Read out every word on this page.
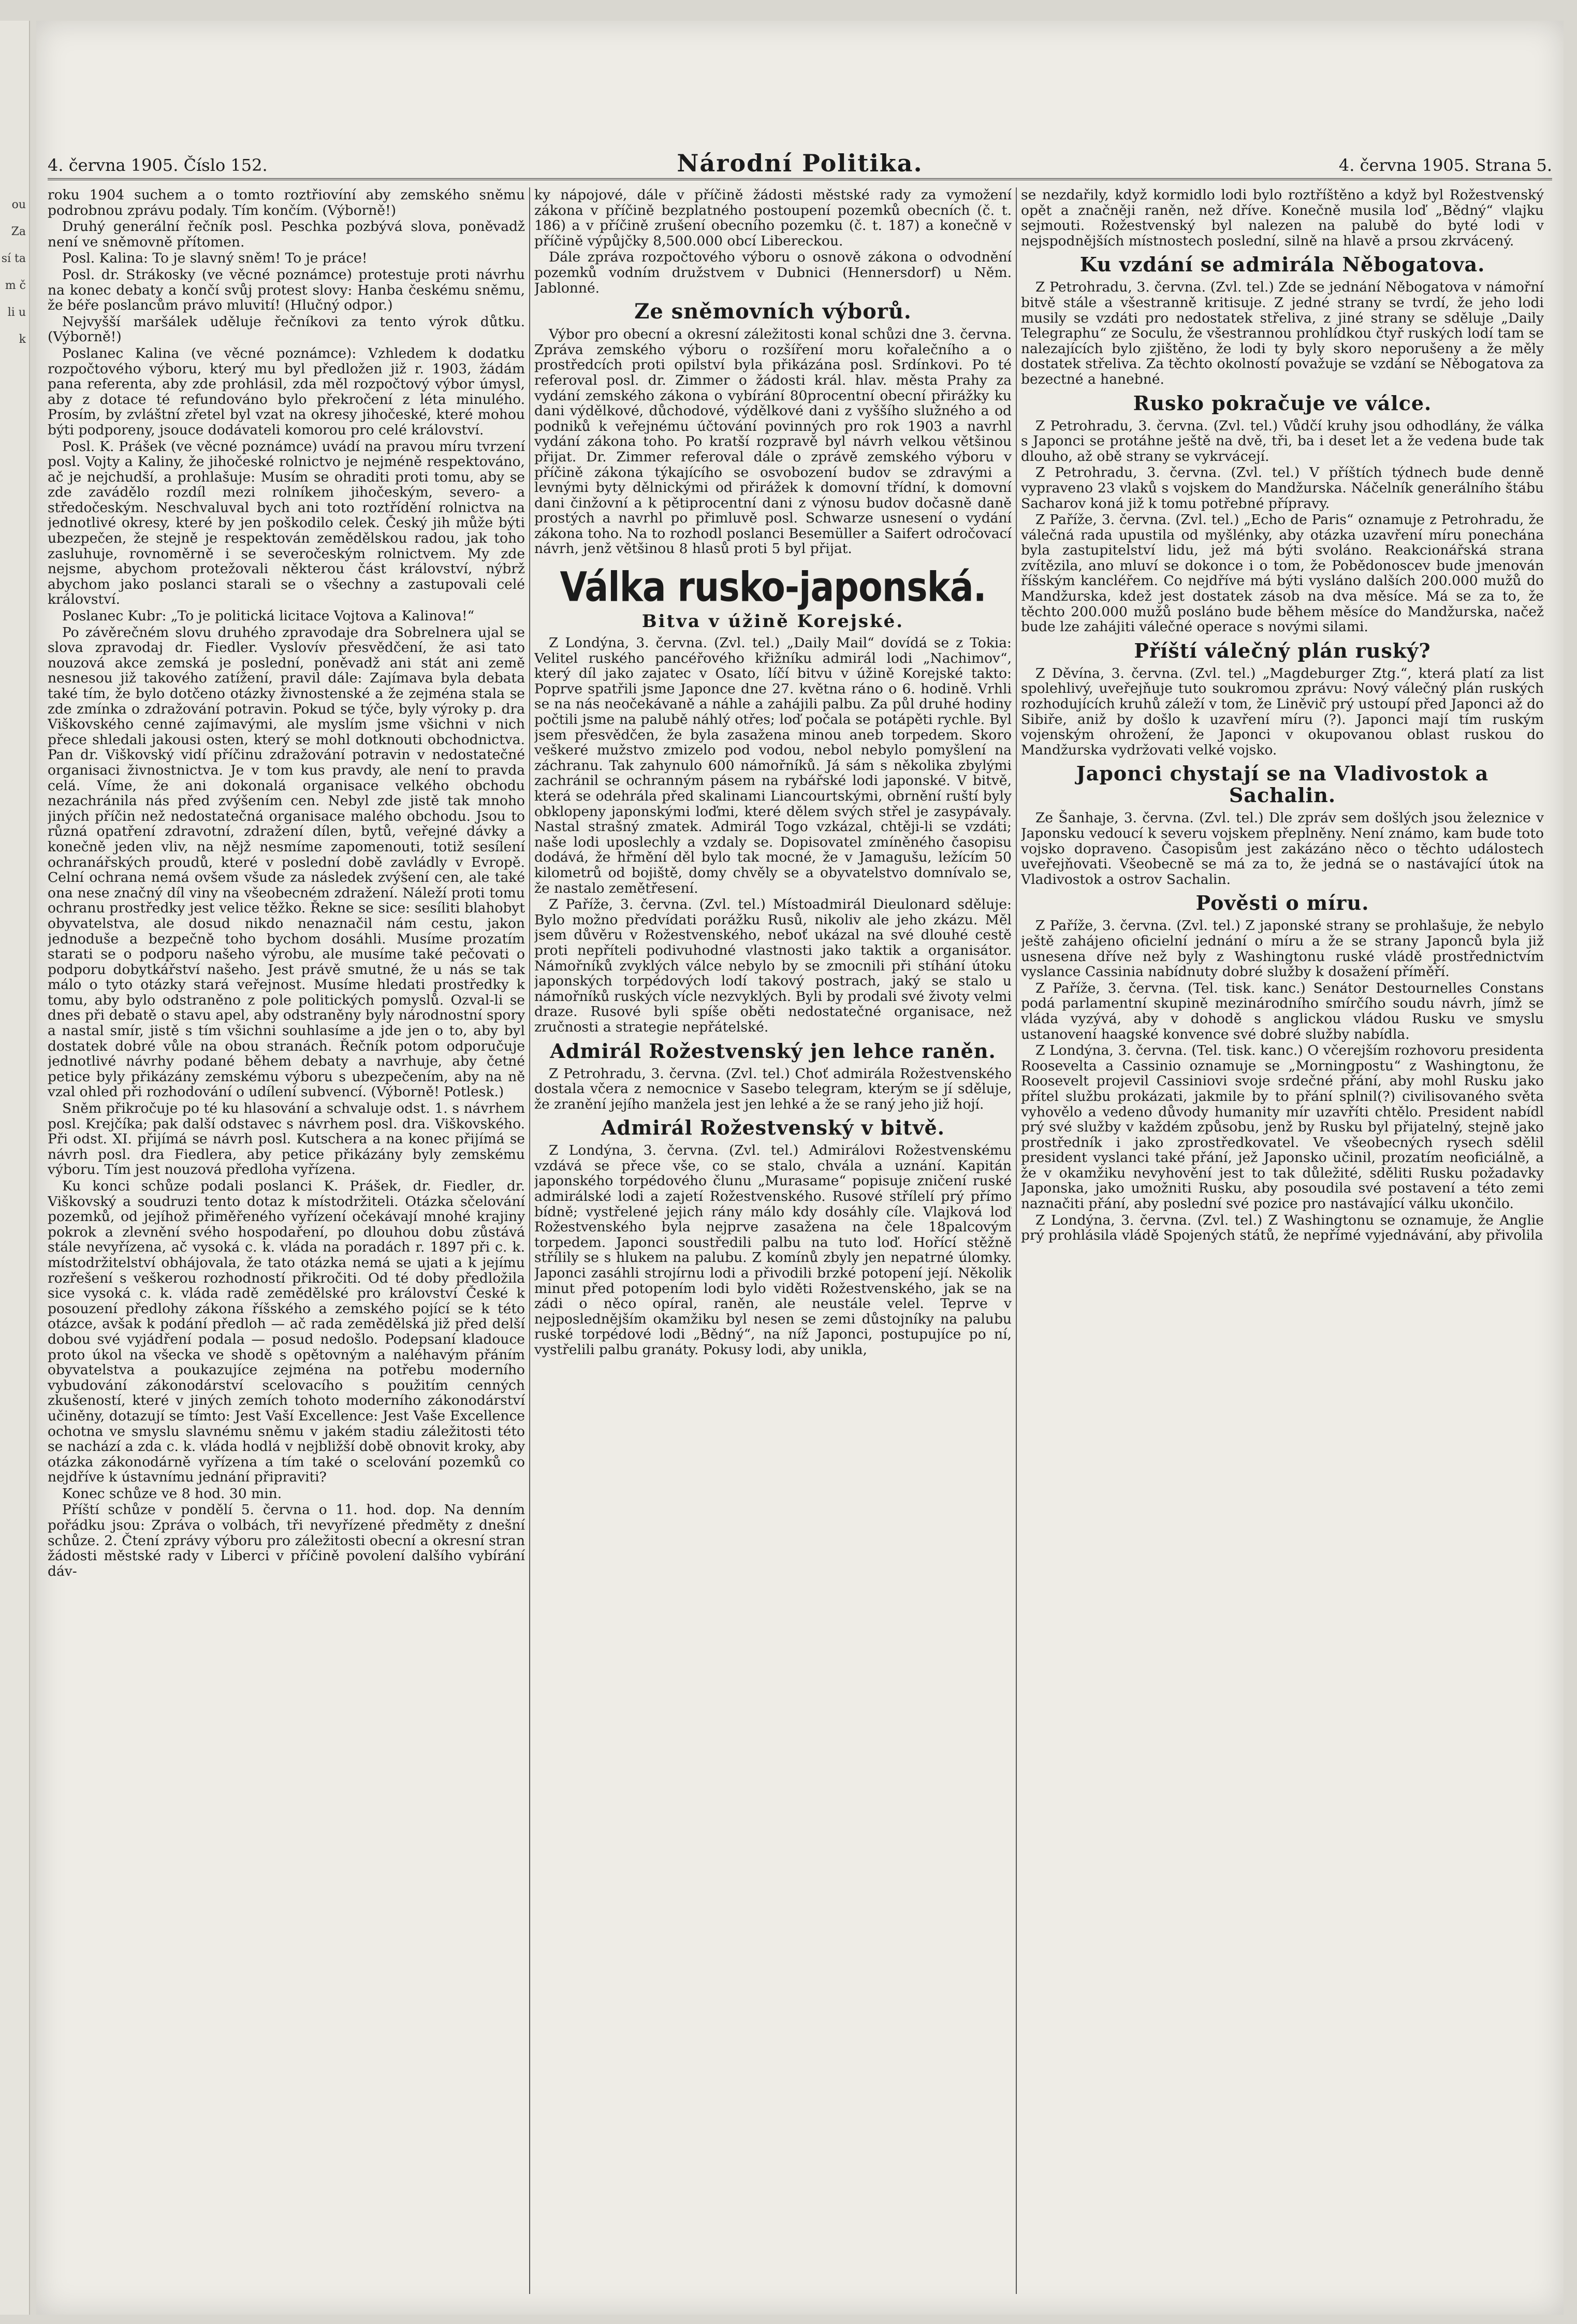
ou Za sí ta m č li u k
4. června 1905. Číslo 152.	Národní Politika.	4. června 1905. Strana 5.

roku 1904 suchem a o tomto roztřiovíní aby zemského sněmu podrobnou zprávu podaly. Tím končím. (Výborně!)

Druhý generální řečník posl. Peschka pozbývá slova, poněvadž není ve sněmovně přítomen.

Posl. Kalina: To je slavný sněm! To je práce!

Posl. dr. Strákosky (ve věcné poznámce) protestuje proti návrhu na konec debaty a končí svůj protest slovy: Hanba českému sněmu, že béře poslancům právo mluvití! (Hlučný odpor.)

Nejvyšší maršálek uděluje řečníkovi za tento výrok důtku. (Výborně!)

Poslanec Kalina (ve věcné poznámce): Vzhledem k dodatku rozpočtového výboru, který mu byl předložen již r. 1903, žádám pana referenta, aby zde prohlásil, zda měl rozpočtový výbor úmysl, aby z dotace té refundováno bylo překročení z léta minulého. Prosím, by zvláštní zřetel byl vzat na okresy jihočeské, které mohou býti podporeny, jsouce dodávateli komorou pro celé království.

Posl. K. Prášek (ve věcné poznámce) uvádí na pravou míru tvrzení posl. Vojty a Kaliny, že jihočeské rolnictvo je nejméně respektováno, ač je nejchudší, a prohlašuje: Musím se ohraditi proti tomu, aby se zde zavádělo rozdíl mezi rolníkem jihočeským, severo- a středočeským. Neschvaluval bych ani toto roztřídění rolnictva na jednotlivé okresy, které by jen poškodilo celek. Český jih může býti ubezpečen, že stejně je respektován zemědělskou radou, jak toho zasluhuje, rovnoměrně i se severočeským rolnictvem. My zde nejsme, abychom protežovali některou část království, nýbrž abychom jako poslanci starali se o všechny a zastupovali celé království.

Poslanec Kubr: „To je politická licitace Vojtova a Kalinova!“

Po závěrečném slovu druhého zpravodaje dra Sobrelnera ujal se slova zpravodaj dr. Fiedler. Vyslovív přesvědčení, že asi tato nouzová akce zemská je poslední, poněvadž ani stát ani země nesnesou již takového zatížení, pravil dále: Zajímava byla debata také tím, že bylo dotčeno otázky živnostenské a že zejména stala se zde zmínka o zdražování potravin. Pokud se týče, byly výroky p. dra Viškovského cenné zajímavými, ale myslím jsme všichni v nich přece shledali jakousi osten, který se mohl dotknouti obchodnictva. Pan dr. Viškovský vidí příčinu zdražování potravin v nedostatečné organisaci živnostnictva. Je v tom kus pravdy, ale není to pravda celá. Víme, že ani dokonalá organisace velkého obchodu nezachránila nás před zvýšením cen. Nebyl zde jistě tak mnoho jiných příčin než nedostatečná organisace malého obchodu. Jsou to různá opatření zdravotní, zdražení dílen, bytů, veřejné dávky a konečně jeden vliv, na nějž nesmíme zapomenouti, totiž sesílení ochranářských proudů, které v poslední době zavládly v Evropě. Celní ochrana nemá ovšem všude za následek zvýšení cen, ale také ona nese značný díl viny na všeobecném zdražení. Náleží proti tomu ochranu prostředky jest velice těžko. Řekne se sice: sesíliti blahobyt obyvatelstva, ale dosud nikdo nenaznačil nám cestu, jakon jednoduše a bezpečně toho bychom dosáhli. Musíme prozatím starati se o podporu našeho výrobu, ale musíme také pečovati o podporu dobytkářství našeho. Jest právě smutné, že u nás se tak málo o tyto otázky stará veřejnost. Musíme hledati prostředky k tomu, aby bylo odstraněno z pole politických pomyslů. Ozval-li se dnes při debatě o stavu apel, aby odstraněny byly národnostní spory a nastal smír, jistě s tím všichni souhlasíme a jde jen o to, aby byl dostatek dobré vůle na obou stranách. Řečník potom odporučuje jednotlivé návrhy podané během debaty a navrhuje, aby četné petice byly přikázány zemskému výboru s ubezpečením, aby na ně vzal ohled při rozhodování o udílení subvencí. (Výborně! Potlesk.)

Sněm přikročuje po té ku hlasování a schvaluje odst. 1. s návrhem posl. Krejčíka; pak další odstavec s návrhem posl. dra. Viškovského. Při odst. XI. přijímá se návrh posl. Kutschera a na konec přijímá se návrh posl. dra Fiedlera, aby petice přikázány byly zemskému výboru. Tím jest nouzová předloha vyřízena.

Ku konci schůze podali poslanci K. Prášek, dr. Fiedler, dr. Viškovský a soudruzi tento dotaz k místodržiteli. Otázka sčelování pozemků, od jejíhož přiměřeného vyřízení očekávají mnohé krajiny pokrok a zlevnění svého hospodaření, po dlouhou dobu zůstává stále nevyřízena, ač vysoká c. k. vláda na poradách r. 1897 při c. k. místodržitelství obhájovala, že tato otázka nemá se ujati a k jejímu rozřešení s veškerou rozhodností přikročiti. Od té doby předložila sice vysoká c. k. vláda radě zemědělské pro království České k posouzení předlohy zákona říšského a zemského pojící se k této otázce, avšak k podání předloh — ač rada zemědělská již před delší dobou své vyjádření podala — posud nedošlo. Podepsaní kladouce proto úkol na všecka ve shodě s opětovným a naléhavým přáním obyvatelstva a poukazujíce zejména na potřebu moderního vybudování zákonodárství scelovacího s použitím cenných zkušeností, které v jiných zemích tohoto moderního zákonodárství učiněny, dotazují se tímto: Jest Vaší Excellence: Jest Vaše Excellence ochotna ve smyslu slavnému sněmu v jakém stadiu záležitosti této se nachází a zda c. k. vláda hodlá v nejbližší době obnovit kroky, aby otázka zákonodárně vyřízena a tím také o scelování pozemků co nejdříve k ústavnímu jednání připraviti?

Konec schůze ve 8 hod. 30 min.

Příští schůze v pondělí 5. června o 11. hod. dop. Na denním pořádku jsou: Zpráva o volbách, tři nevyřízené předměty z dnešní schůze. 2. Čtení zprávy výboru pro záležitosti obecní a okresní stran žádosti městské rady v Liberci v příčině povolení dalšího vybírání dáv-

ky nápojové, dále v příčině žádosti městské rady za vymožení zákona v příčině bezplatného postoupení pozemků obecních (č. t. 186) a v příčině zrušení obecního pozemku (č. t. 187) a konečně v příčině výpůjčky 8,500.000 obcí Libereckou.

Dále zpráva rozpočtového výboru o osnově zákona o odvodnění pozemků vodním družstvem v Dubnici (Hennersdorf) u Něm. Jablonné.

Ze sněmovních výborů.

Výbor pro obecní a okresní záležitosti konal schůzi dne 3. června. Zpráva zemského výboru o rozšíření moru kořalečního a o prostředcích proti opilství byla přikázána posl. Srdínkovi. Po té referoval posl. dr. Zimmer o žádosti král. hlav. města Prahy za vydání zemského zákona o vybírání 80procentní obecní přirážky ku dani výdělkové, důchodové, výdělkové dani z vyššího služného a od podniků k veřejnému účtování povinných pro rok 1903 a navrhl vydání zákona toho. Po kratší rozpravě byl návrh velkou většinou přijat. Dr. Zimmer referoval dále o zprávě zemského výboru v příčině zákona týkajícího se osvobození budov se zdravými a levnými byty dělnickými od přirážek k domovní třídní, k domovní dani činžovní a k pětiprocentní dani z výnosu budov dočasně daně prostých a navrhl po přimluvě posl. Schwarze usnesení o vydání zákona toho. Na to rozhodl poslanci Besemüller a Saifert odročovací návrh, jenž většinou 8 hlasů proti 5 byl přijat.

Válka rusko-japonská.
Bitva v úžině Korejské.

Z Londýna, 3. června. (Zvl. tel.) „Daily Mail“ dovídá se z Tokia: Velitel ruského pancéřového křižníku admirál lodi „Nachimov“, který díl jako zajatec v Osato, líčí bitvu v úžině Korejské takto: Poprve spatřili jsme Japonce dne 27. května ráno o 6. hodině. Vrhli se na nás neočekávaně a náhle a zahájili palbu. Za půl druhé hodiny počtili jsme na palubě náhlý otřes; loď počala se potápěti rychle. Byl jsem přesvědčen, že byla zasažena minou aneb torpedem. Skoro veškeré mužstvo zmizelo pod vodou, nebol nebylo pomyšlení na záchranu. Tak zahynulo 600 námořníků. Já sám s několika zbylými zachránil se ochranným pásem na rybářské lodi japonské. V bitvě, která se odehrála před skalinami Liancourtskými, obrnění ruští byly obklopeny japonskými loďmi, které dělem svých střel je zasypávaly. Nastal strašný zmatek. Admirál Togo vzkázal, chtěji-li se vzdáti; naše lodi uposlechly a vzdaly se. Dopisovatel zmíněného časopisu dodává, že hřmění děl bylo tak mocné, že v Jamagušu, ležícím 50 kilometrů od bojiště, domy chvěly se a obyvatelstvo domnívalo se, že nastalo zemětřesení.

Z Paříže, 3. června. (Zvl. tel.) Místoadmirál Dieulonard sděluje: Bylo možno předvídati porážku Rusů, nikoliv ale jeho zkázu. Měl jsem důvěru v Rožestvenského, neboť ukázal na své dlouhé cestě proti nepříteli podivuhodné vlastnosti jako taktik a organisátor. Námořníků zvyklých válce nebylo by se zmocnili při stíhání útoku japonských torpédových lodí takový postrach, jaký se stalo u námořníků ruských vícle nezvyklých. Byli by prodali své životy velmi draze. Rusové byli spíše oběti nedostatečné organisace, než zručnosti a strategie nepřátelské.

Admirál Rožestvenský jen lehce raněn.

Z Petrohradu, 3. června. (Zvl. tel.) Choť admirála Rožestvenského dostala včera z nemocnice v Sasebo telegram, kterým se jí sděluje, že zranění jejího manžela jest jen lehké a že se raný jeho již hojí.

Admirál Rožestvenský v bitvě.

Z Londýna, 3. června. (Zvl. tel.) Admirálovi Rožestvenskému vzdává se přece vše, co se stalo, chvála a uznání. Kapitán japonského torpédového člunu „Murasame“ popisuje zničení ruské admirálské lodi a zajetí Rožestvenského. Rusové střílelí prý přímo bídně; vystřelené jejich rány málo kdy dosáhly cíle. Vlajková loď Rožestvenského byla nejprve zasažena na čele 18palcovým torpedem. Japonci soustředili palbu na tuto loď. Hořící stěžně střílily se s hlukem na palubu. Z komínů zbyly jen nepatrné úlomky. Japonci zasáhli strojírnu lodi a přivodili brzké potopení její. Několik minut před potopením lodi bylo viděti Rožestvenského, jak se na zádi o něco opíral, raněn, ale neustále velel. Teprve v nejposlednějším okamžiku byl nesen se zemi důstojníky na palubu ruské torpédové lodi „Bědný“, na níž Japonci, postupujíce po ní, vystřelili palbu granáty. Pokusy lodi, aby unikla,

se nezdařily, když kormidlo lodi bylo roztříštěno a když byl Rožestvenský opět a značněji raněn, než dříve. Konečně musila loď „Bědný“ vlajku sejmouti. Rožestvenský byl nalezen na palubě do byté lodi v nejspodnějších místnostech poslední, silně na hlavě a prsou zkrvácený.

Ku vzdání se admirála Něbogatova.

Z Petrohradu, 3. června. (Zvl. tel.) Zde se jednání Něbogatova v námořní bitvě stále a všestranně kritisuje. Z jedné strany se tvrdí, že jeho lodi musily se vzdáti pro nedostatek střeliva, z jiné strany se sděluje „Daily Telegraphu“ ze Soculu, že všestrannou prohlídkou čtyř ruských lodí tam se nalezajících bylo zjištěno, že lodi ty byly skoro neporušeny a že měly dostatek střeliva. Za těchto okolností považuje se vzdání se Něbogatova za bezectné a hanebné.

Rusko pokračuje ve válce.

Z Petrohradu, 3. června. (Zvl. tel.) Vůdčí kruhy jsou odhodlány, že válka s Japonci se protáhne ještě na dvě, tři, ba i deset let a že vedena bude tak dlouho, až obě strany se vykrvácejí.

Z Petrohradu, 3. června. (Zvl. tel.) V příštích týdnech bude denně vypraveno 23 vlaků s vojskem do Mandžurska. Náčelník generálního štábu Sacharov koná již k tomu potřebné přípravy.

Z Paříže, 3. června. (Zvl. tel.) „Echo de Paris“ oznamuje z Petrohradu, že válečná rada upustila od myšlénky, aby otázka uzavření míru ponechána byla zastupitelství lidu, jež má býti svoláno. Reakcionářská strana zvítězila, ano mluví se dokonce i o tom, že Pobědonoscev bude jmenován říšským kancléřem. Co nejdříve má býti vysláno dalších 200.000 mužů do Mandžurska, kdež jest dostatek zásob na dva měsíce. Má se za to, že těchto 200.000 mužů posláno bude během měsíce do Mandžurska, načež bude lze zahájiti válečné operace s novými silami.

Příští válečný plán ruský?

Z Děvína, 3. června. (Zvl. tel.) „Magdeburger Ztg.“, která platí za list spolehlivý, uveřejňuje tuto soukromou zprávu: Nový válečný plán ruských rozhodujících kruhů záleží v tom, že Liněvič prý ustoupí před Japonci až do Sibiře, aniž by došlo k uzavření míru (?). Japonci mají tím ruským vojenským ohrožení, že Japonci v okupovanou oblast ruskou do Mandžurska vydržovati velké vojsko.

Japonci chystají se na Vladivostok a Sachalin.

Ze Šanhaje, 3. června. (Zvl. tel.) Dle zpráv sem došlých jsou železnice v Japonsku vedoucí k severu vojskem přeplněny. Není známo, kam bude toto vojsko dopraveno. Časopisům jest zakázáno něco o těchto událostech uveřejňovati. Všeobecně se má za to, že jedná se o nastávající útok na Vladivostok a ostrov Sachalin.

Pověsti o míru.

Z Paříže, 3. června. (Zvl. tel.) Z japonské strany se prohlašuje, že nebylo ještě zahájeno oficielní jednání o míru a že se strany Japonců byla již usnesena dříve než byly z Washingtonu ruské vládě prostřednictvím vyslance Cassinia nabídnuty dobré služby k dosažení příměří.

Z Paříže, 3. června. (Tel. tisk. kanc.) Senátor Destournelles Constans podá parlamentní skupině mezinárodního smírčího soudu návrh, jímž se vláda vyzývá, aby v dohodě s anglickou vládou Rusku ve smyslu ustanovení haagské konvence své dobré služby nabídla.

Z Londýna, 3. června. (Tel. tisk. kanc.) O včerejším rozhovoru presidenta Roosevelta a Cassinio oznamuje se „Morningpostu“ z Washingtonu, že Roosevelt projevil Cassiniovi svoje srdečné přání, aby mohl Rusku jako přítel službu prokázati, jakmile by to přání splnil(?) civilisovaného světa vyhovělo a vedeno důvody humanity mír uzavříti chtělo. President nabídl prý své služby v každém způsobu, jenž by Rusku byl přijatelný, stejně jako prostředník i jako zprostředkovatel. Ve všeobecných rysech sdělil president vyslanci také přání, jež Japonsko učinil, prozatím neoficiálně, a že v okamžiku nevyhovění jest to tak důležité, sděliti Rusku požadavky Japonska, jako umožniti Rusku, aby posoudila své postavení a této zemi naznačiti přání, aby poslední své pozice pro nastávající válku ukončilo.

Z Londýna, 3. června. (Zvl. tel.) Z Washingtonu se oznamuje, že Anglie prý prohlásila vládě Spojených států, že nepřímé vyjednávání, aby přivolila
